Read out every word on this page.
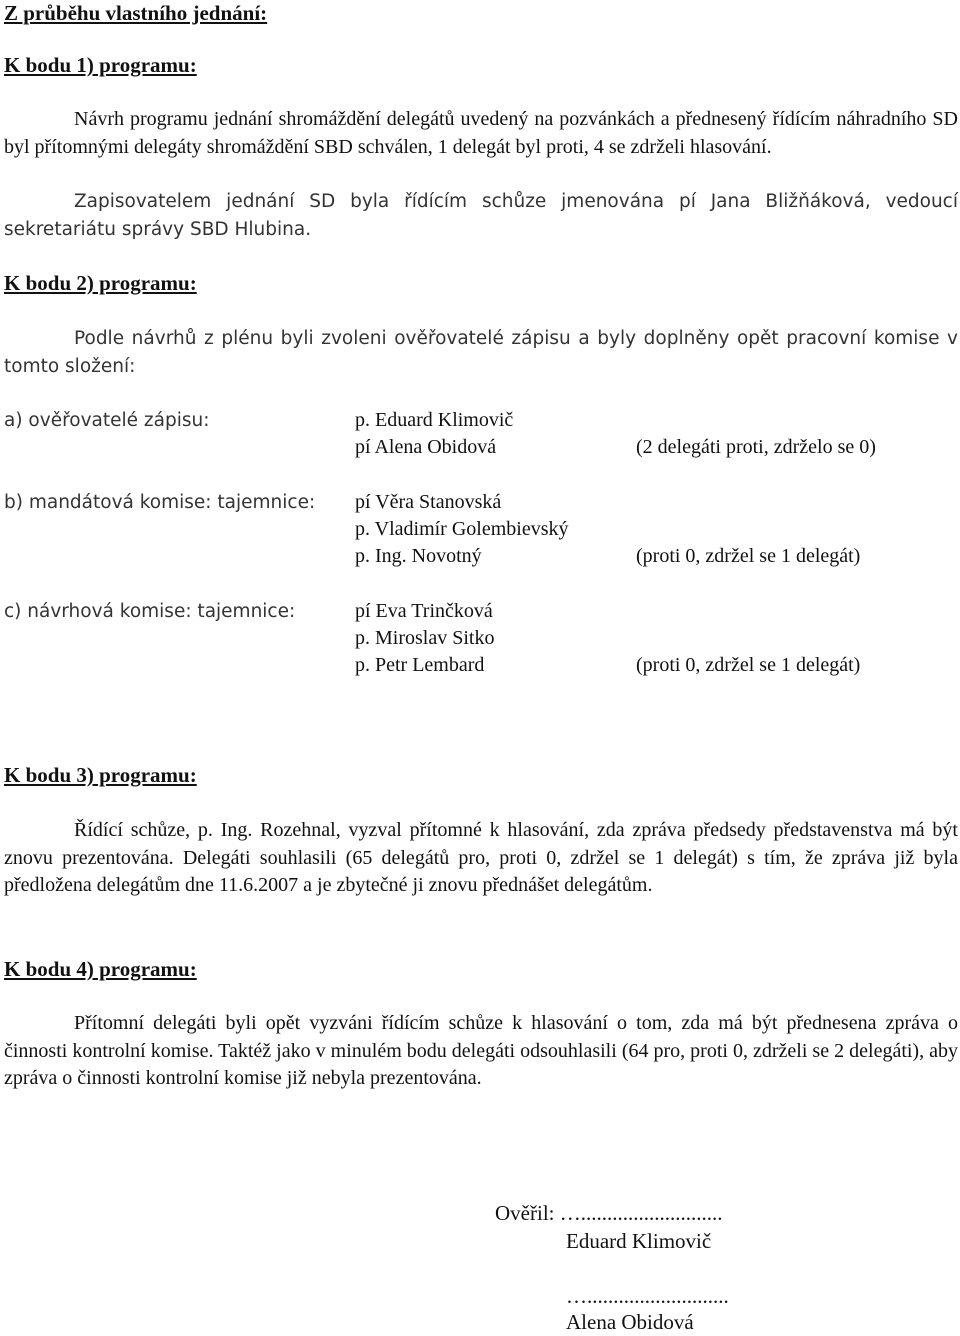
Z průběhu vlastního jednání:
K bodu 1) programu:
Návrh programu jednání shromáždění delegátů uvedený na pozvánkách a přednesený řídícím náhradního SD byl přítomnými delegáty shromáždění SBD schválen, 1 delegát byl proti, 4 se zdrželi hlasování.
Zapisovatelem jednání SD byla řídícím schůze jmenována pí Jana Bližňáková, vedoucí sekretariátu správy SBD Hlubina.
K bodu 2) programu:
Podle návrhů z plénu byli zvoleni ověřovatelé zápisu a byly doplněny opět pracovní komise v tomto složení:
a) ověřovatelé zápisu:	p. Eduard Klimovič
pí Alena Obidová	(2 delegáti proti, zdrželo se 0)
b) mandátová komise: tajemnice: pí Věra Stanovská
p. Vladimír Golembievský
p. Ing. Novotný	(proti 0, zdržel se 1 delegát)
c) návrhová komise: tajemnice:	pí Eva Trinčková
p. Miroslav Sitko
p. Petr Lembard	(proti 0, zdržel se 1 delegát)
K bodu 3) programu:
Řídící schůze, p. Ing. Rozehnal, vyzval přítomné k hlasování, zda zpráva předsedy představenstva má být znovu prezentována. Delegáti souhlasili (65 delegátů pro, proti 0, zdržel se 1 delegát) s tím, že zpráva již byla předložena delegátům dne 11.6.2007 a je zbytečné ji znovu přednášet delegátům.
K bodu 4) programu:
Přítomní delegáti byli opět vyzváni řídícím schůze k hlasování o tom, zda má být přednesena zpráva o činnosti kontrolní komise. Taktéž jako v minulém bodu delegáti odsouhlasili (64 pro, proti 0, zdrželi se 2 delegáti), aby zpráva o činnosti kontrolní komise již nebyla prezentována.
Ověřil: …...........................
Eduard Klimovič
…...........................
Alena Obidová
